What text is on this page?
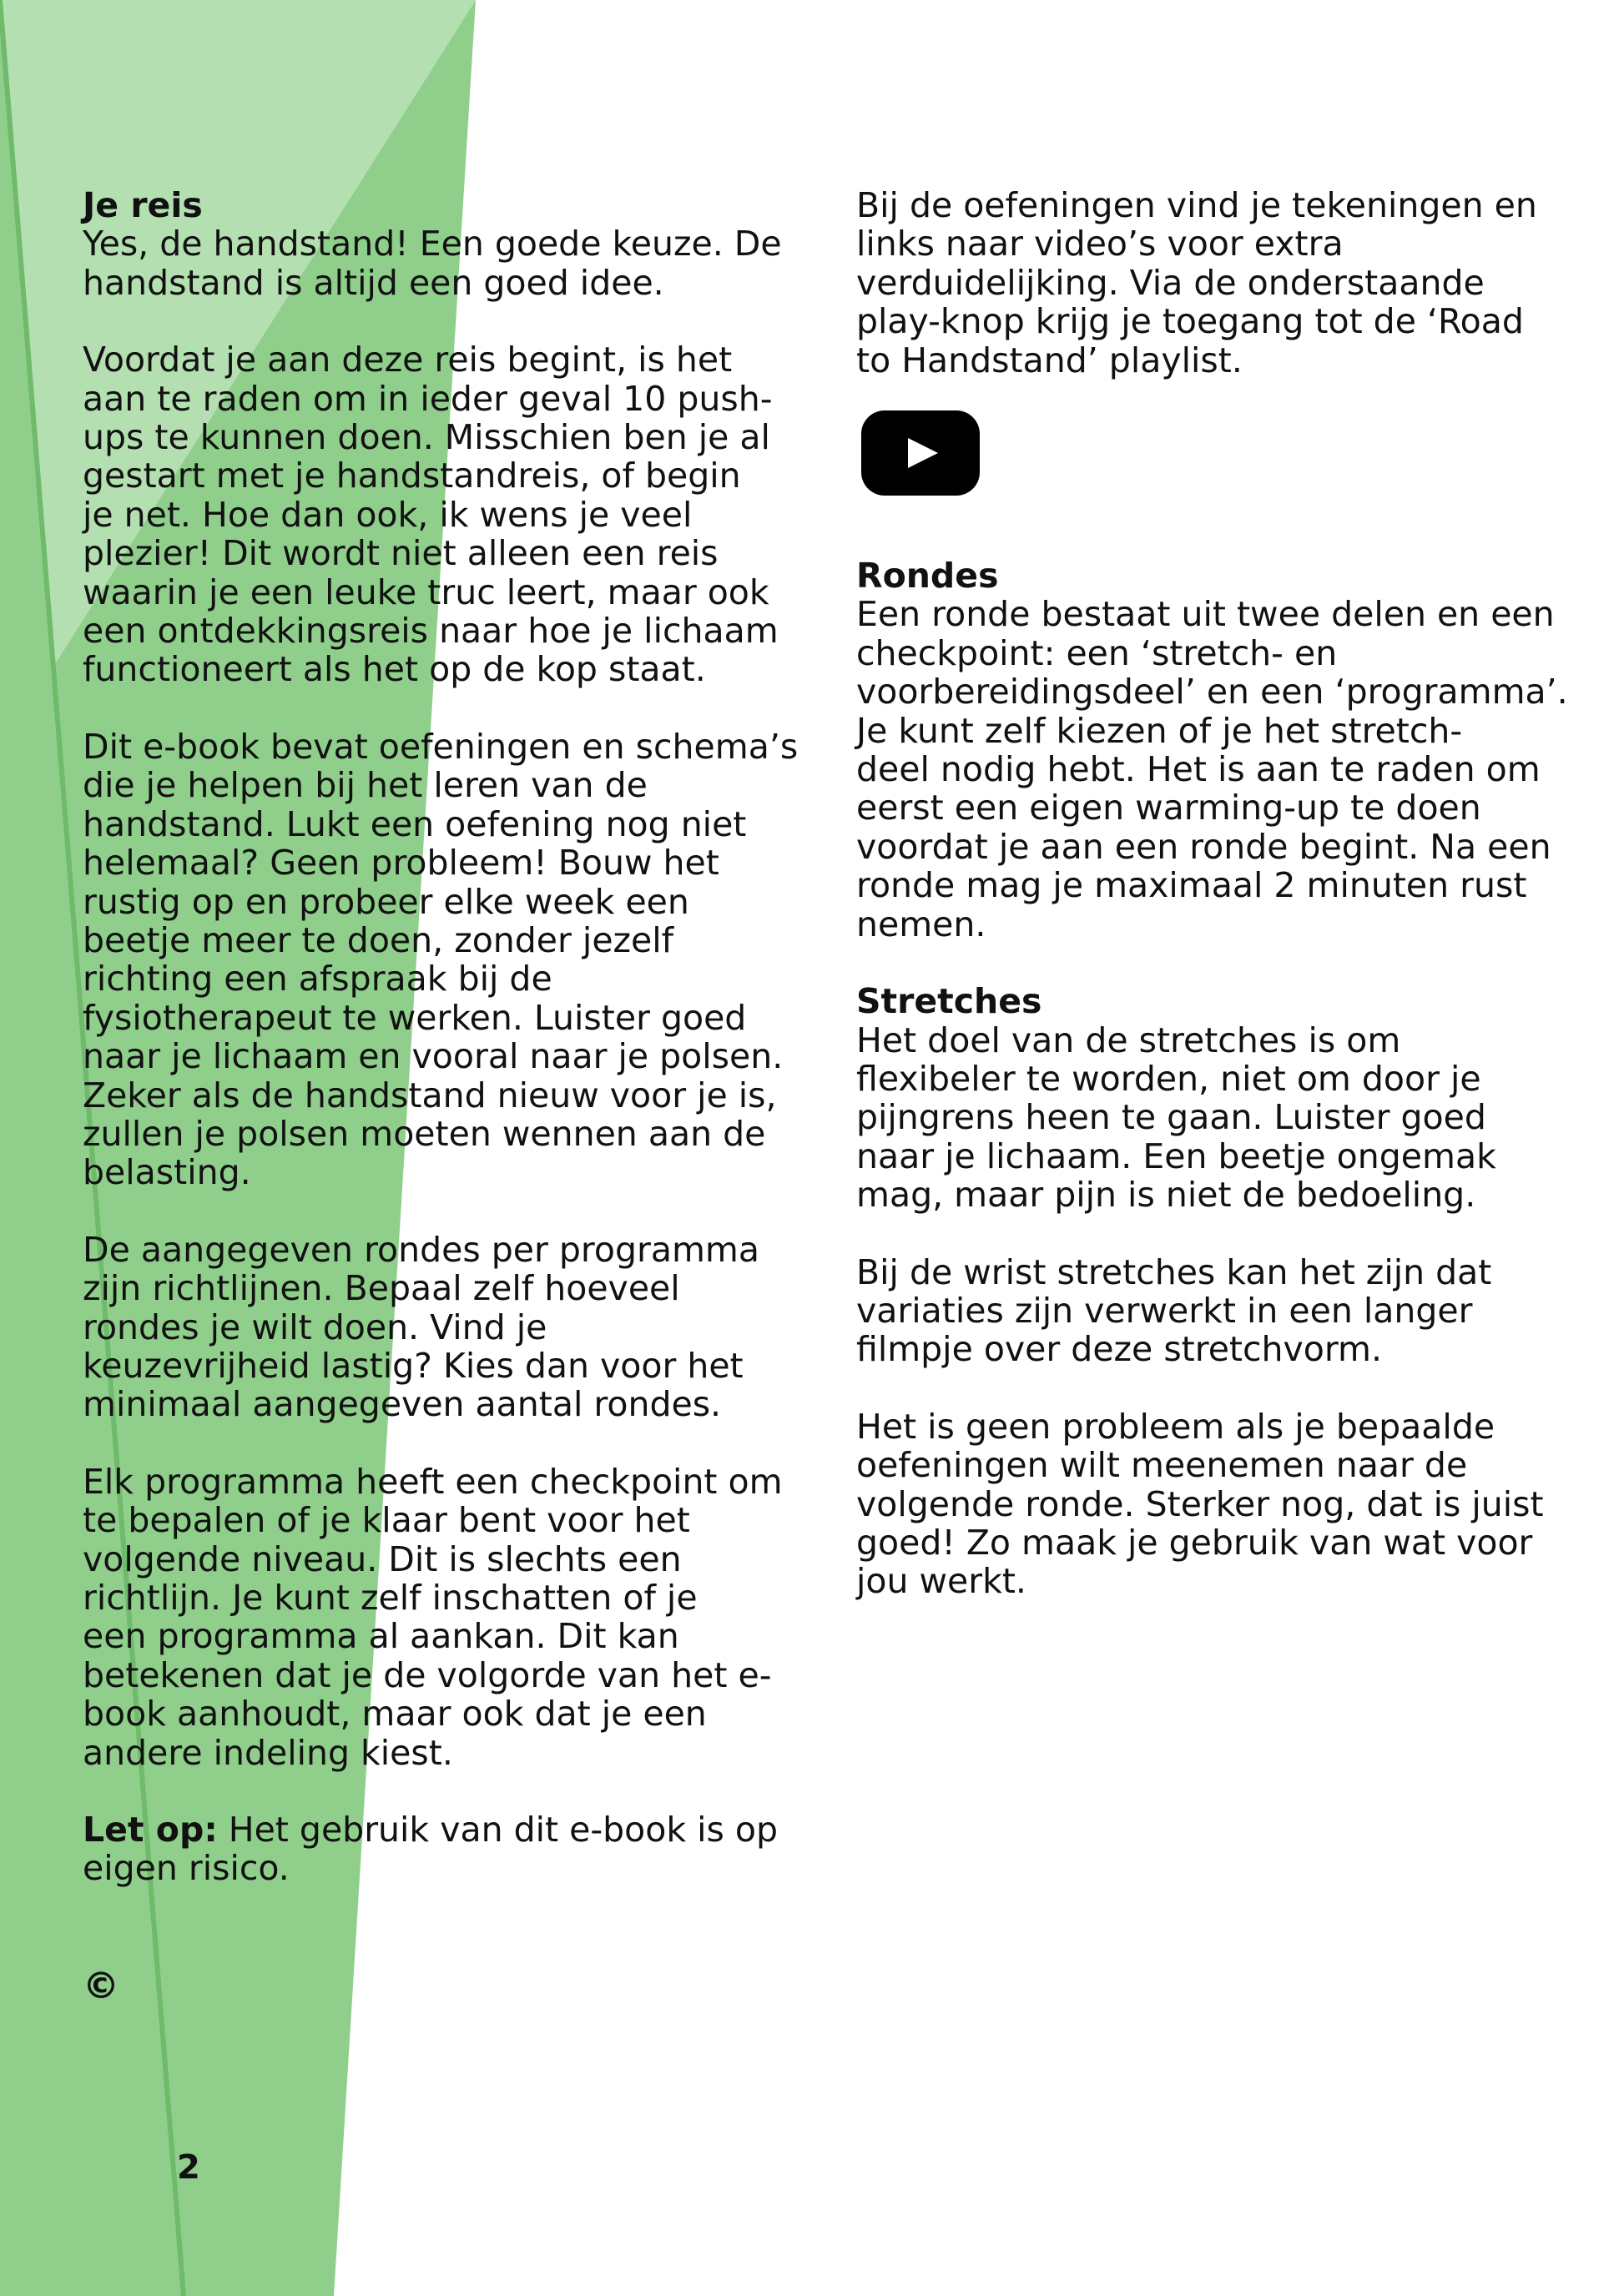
Je reis

Yes, de handstand! Een goede keuze. De
handstand is altijd een goed idee.

Voordat je aan deze reis begint, is het
aan te raden om in ieder geval 10 push-
ups te kunnen doen. Misschien ben je al
gestart met je handstandreis, of begin
je net. Hoe dan ook, ik wens je veel
plezier! Dit wordt niet alleen een reis
waarin je een leuke truc leert, maar ook
een ontdekkingsreis naar hoe je lichaam
functioneert als het op de kop staat.

Dit e-book bevat oefeningen en schema’s
die je helpen bij het leren van de
handstand. Lukt een oefening nog niet
helemaal? Geen probleem! Bouw het
rustig op en probeer elke week een
beetje meer te doen, zonder jezelf
richting een afspraak bij de
fysiotherapeut te werken. Luister goed
naar je lichaam en vooral naar je polsen.
Zeker als de handstand nieuw voor je is,
zullen je polsen moeten wennen aan de
belasting.

De aangegeven rondes per programma
zijn richtlijnen. Bepaal zelf hoeveel
rondes je wilt doen. Vind je
keuzevrijheid lastig? Kies dan voor het
minimaal aangegeven aantal rondes.

Elk programma heeft een checkpoint om
te bepalen of je klaar bent voor het
volgende niveau. Dit is slechts een
richtlijn. Je kunt zelf inschatten of je
een programma al aankan. Dit kan
betekenen dat je de volgorde van het e-
book aanhoudt, maar ook dat je een
andere indeling kiest.

Let op: Het gebruik van dit e-book is op
eigen risico.

©
2

Bij de oefeningen vind je tekeningen en
links naar video’s voor extra
verduidelijking. Via de onderstaande
play-knop krijg je toegang tot de ‘Road
to Handstand’ playlist.

Rondes

Een ronde bestaat uit twee delen en een
checkpoint: een ‘stretch- en
voorbereidingsdeel’ en een ‘programma’.
Je kunt zelf kiezen of je het stretch-
deel nodig hebt. Het is aan te raden om
eerst een eigen warming-up te doen
voordat je aan een ronde begint. Na een
ronde mag je maximaal 2 minuten rust
nemen.

Stretches

Het doel van de stretches is om
flexibeler te worden, niet om door je
pijngrens heen te gaan. Luister goed
naar je lichaam. Een beetje ongemak
mag, maar pijn is niet de bedoeling.

Bij de wrist stretches kan het zijn dat
variaties zijn verwerkt in een langer
filmpje over deze stretchvorm.

Het is geen probleem als je bepaalde
oefeningen wilt meenemen naar de
volgende ronde. Sterker nog, dat is juist
goed! Zo maak je gebruik van wat voor
jou werkt.
